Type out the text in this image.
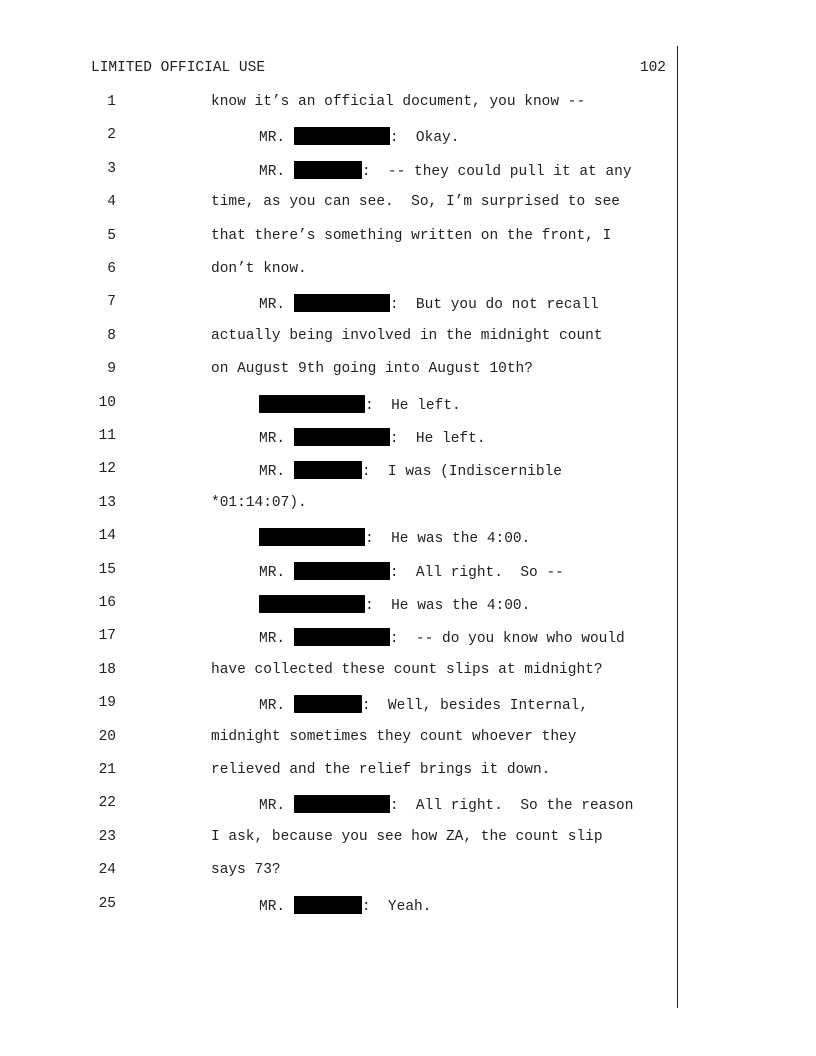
LIMITED OFFICIAL USE	102
1	know it’s an official document, you know --
2	MR.	:  Okay.
3	MR.	:  -- they could pull it at any
4	time, as you can see.  So, I’m surprised to see
5	that there’s something written on the front, I
6	don’t know.
7	MR.	:  But you do not recall
8	actually being involved in the midnight count
9	on August 9th going into August 10th?
10	:  He left.
11	MR.	:  He left.
12	MR.	:  I was (Indiscernible
13	*01:14:07).
14	:  He was the 4:00.
15	MR.	:  All right.  So --
16	:  He was the 4:00.
17	MR.	:  -- do you know who would
18	have collected these count slips at midnight?
19	MR.	:  Well, besides Internal,
20	midnight sometimes they count whoever they
21	relieved and the relief brings it down.
22	MR.	:  All right.  So the reason
23	I ask, because you see how ZA, the count slip
24	says 73?
25	MR.	:  Yeah.
